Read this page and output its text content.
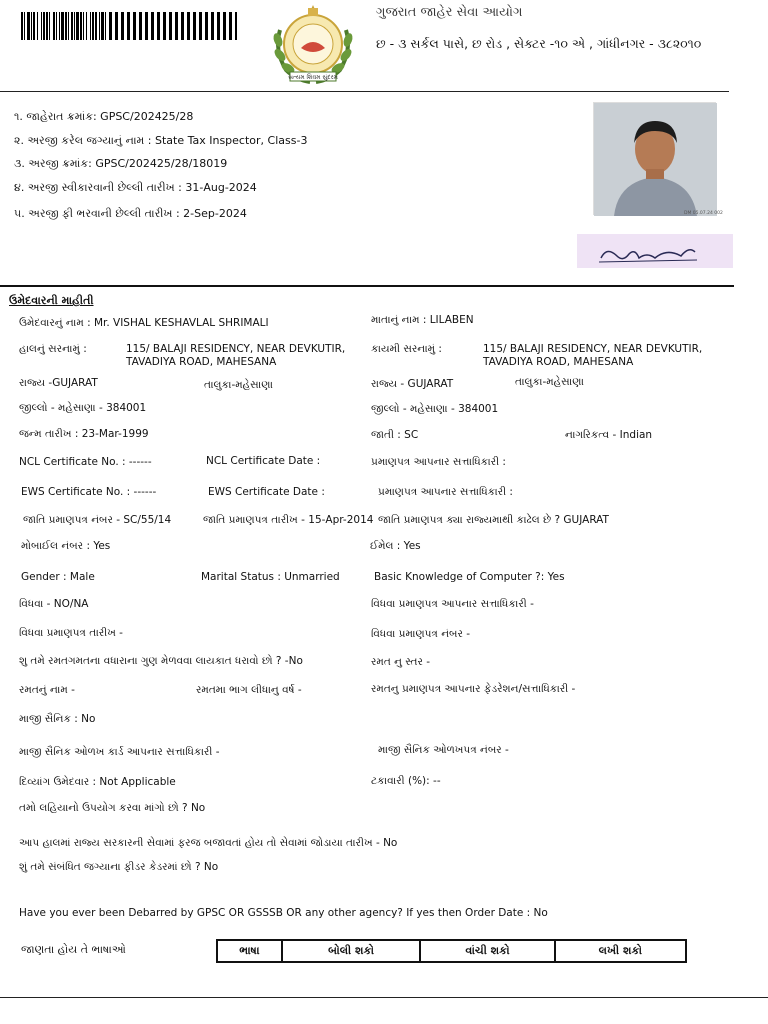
સત્યમ શિવમ સુંદરમ
ગુજરાત જાહેર સેવા આયોગ
છ - ૩ સર્કલ પાસે, છ રોડ , સેક્ટર -૧૦ એ , ગાંધીનગર - ૩૮૨૦૧૦
૧. જાહેરાત ક્રમાંક: GPSC/202425/28
૨. અરજી કરેલ જગ્યાનું નામ : State Tax Inspector, Class-3
૩. અરજી ક્રમાંક: GPSC/202425/28/18019
૪. અરજી સ્વીકારવાની છેલ્લી તારીખ : 31-Aug-2024
૫. અરજી ફી ભરવાની છેલ્લી તારીખ : 2-Sep-2024	DM 05.07.24 002
ઉમેદવારની માહીતી
ઉમેદવારનું નામ : Mr. VISHAL KESHAVLAL SHRIMALI	માતાનું નામ : LILABEN
હાલનું સરનામું :	115/ BALAJI RESIDENCY, NEAR DEVKUTIR,
TAVADIYA ROAD, MAHESANA
કાયમી સરનામું :	115/ BALAJI RESIDENCY, NEAR DEVKUTIR,
TAVADIYA ROAD, MAHESANA
રાજ્ય -GUJARAT	તાલુકા-મહેસાણા	રાજ્ય - GUJARAT	તાલુકા-મહેસાણા
જીલ્લો - મહેસાણા - 384001	જીલ્લો - મહેસાણા - 384001
જન્મ તારીખ : 23-Mar-1999	જાતી : SC	નાગરિકત્વ - Indian
NCL Certificate No. : ------	NCL Certificate Date :	પ્રમાણપત્ર આપનાર સત્તાધિકારી :
EWS Certificate No. : ------	EWS Certificate Date :	પ્રમાણપત્ર આપનાર સત્તાધિકારી :
જાતિ પ્રમાણપત્ર નંબર - SC/55/14	જાતિ પ્રમાણપત્ર તારીખ - 15-Apr-2014 જાતિ પ્રમાણપત્ર ક્યા રાજ્યમાથી કાઢેલ છે ? GUJARAT
મોબાઈલ નંબર : Yes	ઈમેલ : Yes
Gender : Male	Marital Status : Unmarried	Basic Knowledge of Computer ?: Yes
વિધવા - NO/NA	વિધવા પ્રમાણપત્ર આપનાર સત્તાધિકારી -
વિધવા પ્રમાણપત્ર તારીખ -	વિધવા પ્રમાણપત્ર નંબર -
શુ તમે રમતગમતના વધારાના ગુણ મેળવવા લાયકાત ધરાવો છો ? -No	રમત નુ સ્તર -
રમતનું નામ -	રમતમા ભાગ લીધાનુ વર્ષ -	રમતનુ પ્રમાણપત્ર આપનાર ફેડરેશન/સત્તાધિકારી -
માજી સૈનિક : No
માજી સૈનિક ઓળખ કાર્ડ આપનાર સત્તાધિકારી -	માજી સૈનિક ઓળખપત્ર નંબર -
દિવ્યાંગ ઉમેદવાર : Not Applicable	ટકાવારી (%): --
તમો લહિયાનો ઉપયોગ કરવા માંગો છો ? No
આપ હાલમાં રાજ્ય સરકારની સેવામાં ફરજ બજાવતાં હોય તો સેવામાં જોડાયા તારીખ - No
શું તમે સંબંધિત જગ્યાના ફીડર કેડરમાં છો ? No
Have you ever been Debarred by GPSC OR GSSSB OR any other agency? If yes then Order Date : No
જાણતા હોય તે ભાષાઓ	ભાષા	બોલી શકો	વાંચી શકો	લખી શકો
